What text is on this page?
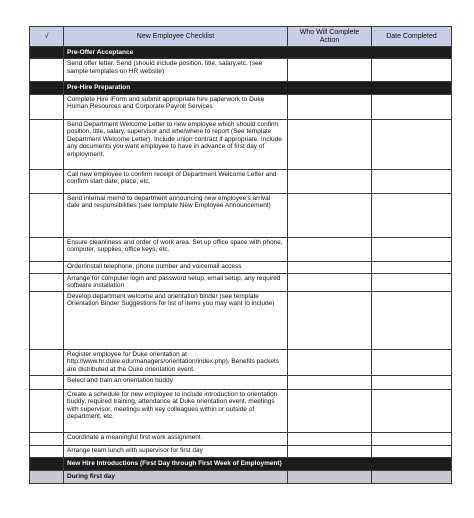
√	New Employee Checklist	Who Will Complete Action	Date Completed
	Pre-Offer Acceptance		
	Send offer letter. Send (should include position, title, salary,etc. (see sample templates on HR website)		
	Pre-Hire Preparation		
	Complete Hire iForm and submit appropriate hire paperwork to Duke Human Resources and Corporate Payroll Services		
	Send Department Welcome Letter to new employee which should confirm position, title, salary, supervisor and whe/where to report (See template Department Welcome Letter). Include union contract if appropriate. Include any documents you want employee to have in advance of first day of employment.		
	Call new employee to confirm receipt of Department Welcome Letter and confirm start date, place, etc.		
	Send internal memo to department announcing new employee's arrival date and responsibilities (see template New Employee Announcement)		
	Ensure cleanliness and order of work area. Set up office space with phone, computer, supplies, office keys, etc.		
	Order/install telephone, phone number and voicemail access		
	Arrange for computer login and password setup, email setup, any required software installation		
	Develop department welcome and orientation binder (see template Orientation Binder Suggestions for list of items you may want to include)		
	Register employee for Duke orientation at http://www.hr.duke.edu/managers/orientation/index.php). Benefits packets are distributed at the Duke orientation event.		
	Select and train an orientation buddy		
	Create a schedule for new employee to include introduction to orientation buddy, required training, attendance at Duke orientation event, meetings with supervisor, meetings with key colleagues within or outside of department, etc.		
	Coordinate a meaningful first work assignment		
	Arrange team lunch with supervisor for first day		
	New Hire Introductions (First Day through First Week of Employment)		
	During first day		
